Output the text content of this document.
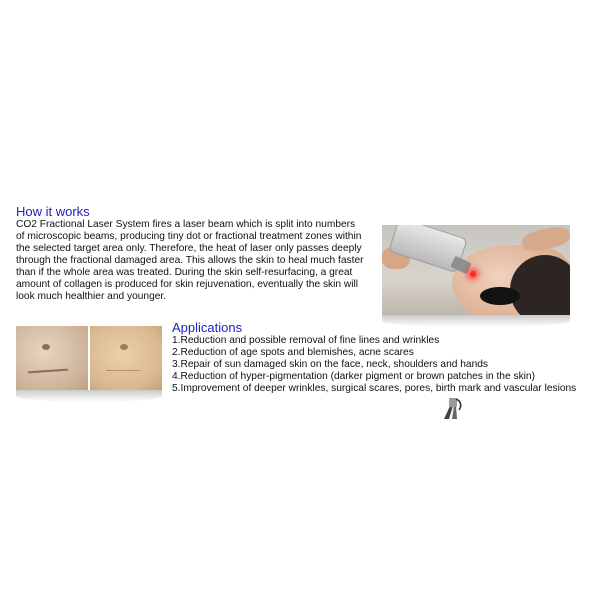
How it works
CO2 Fractional Laser System fires a laser beam which is split into numbers
of microscopic beams, producing tiny dot or fractional treatment zones within
the selected target area only. Therefore, the heat of laser only passes deeply
through the fractional damaged area. This allows the skin to heal much faster
than if the whole area was treated. During the skin self-resurfacing, a great
amount of collagen is produced for skin rejuvenation, eventually the skin will
look much healthier and younger.
Applications
1.Reduction and possible removal of fine lines and wrinkles
2.Reduction of age spots and blemishes, acne scares
3.Repair of sun damaged skin on the face, neck, shoulders and hands
4.Reduction of hyper-pigmentation (darker pigment or brown patches in the skin)
5.Improvement of deeper wrinkles, surgical scares, pores, birth mark and vascular lesions
